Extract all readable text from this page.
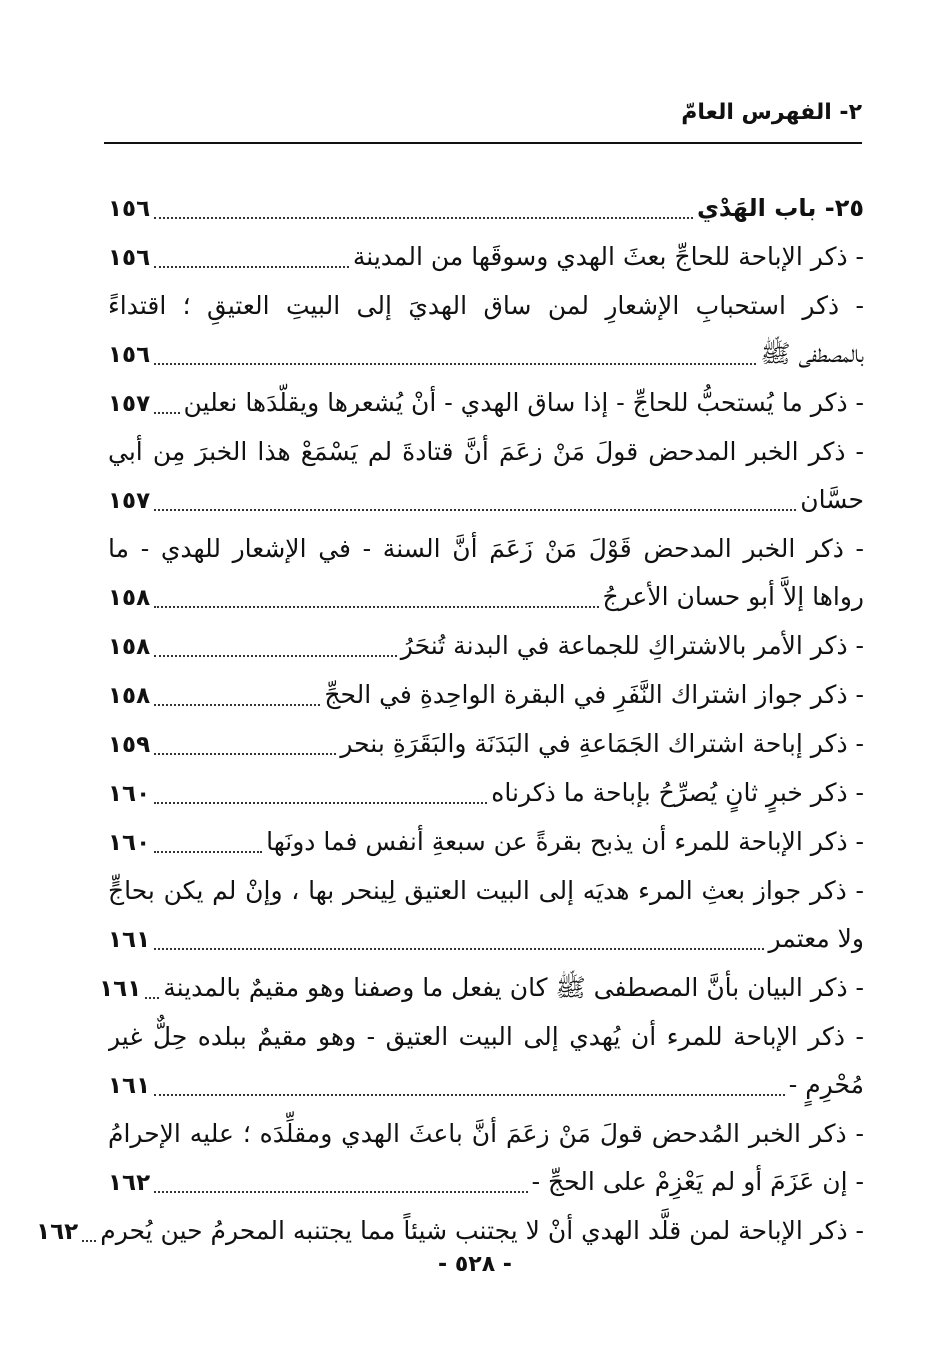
٢- الفهرس العامّ
٢٥- باب الهَدْي
١٥٦
- ذكر الإباحة للحاجِّ بعثَ الهدي وسوقَها من المدينة
١٥٦
- ذكر استحبابِ الإشعارِ لمن ساق الهديَ إلى البيتِ العتيقِ ؛ اقتداءً
بالمصطفى ﷺ
١٥٦
- ذكر ما يُستحبُّ للحاجِّ - إذا ساق الهدي - أنْ يُشعرها ويقلّدَها نعلين
١٥٧
- ذكر الخبر المدحض قولَ مَنْ زعَمَ أنَّ قتادةَ لم يَسْمَعْ هذا الخبرَ مِن أبي
حسَّان
١٥٧
- ذكر الخبر المدحض قَوْلَ مَنْ زَعَمَ أنَّ السنة - في الإشعار للهدي - ما
رواها إلاَّ أبو حسان الأعرجُ
١٥٨
- ذكر الأمر بالاشتراكِ للجماعة في البدنة تُنحَرُ
١٥٨
- ذكر جواز اشتراك النَّفَرِ في البقرة الواحِدةِ في الحجِّ
١٥٨
- ذكر إباحة اشتراك الجَمَاعةِ في البَدَنَة والبَقَرَةِ بنحر
١٥٩
- ذكر خبرٍ ثانٍ يُصرِّحُ بإباحة ما ذكرناه
١٦٠
- ذكر الإباحة للمرء أن يذبح بقرةً عن سبعةِ أنفس فما دونَها
١٦٠
- ذكر جواز بعثِ المرء هديَه إلى البيت العتيق لِينحر بها ، وإنْ لم يكن بحاجٍّ
ولا معتمر
١٦١
- ذكر البيان بأنَّ المصطفى ﷺ كان يفعل ما وصفنا وهو مقيمٌ بالمدينة
١٦١
- ذكر الإباحة للمرء أن يُهدي إلى البيت العتيق - وهو مقيمٌ ببلده حِلٌّ غير
مُحْرِمٍ -
١٦١
- ذكر الخبر المُدحض قولَ مَنْ زعَمَ أنَّ باعثَ الهدي ومقلِّدَه ؛ عليه الإحرامُ
- إن عَزَمَ أو لم يَعْزِمْ على الحجِّ -
١٦٢
- ذكر الإباحة لمن قلَّد الهدي أنْ لا يجتنب شيئاً مما يجتنبه المحرمُ حين يُحرم
١٦٢
- ٥٢٨ -
